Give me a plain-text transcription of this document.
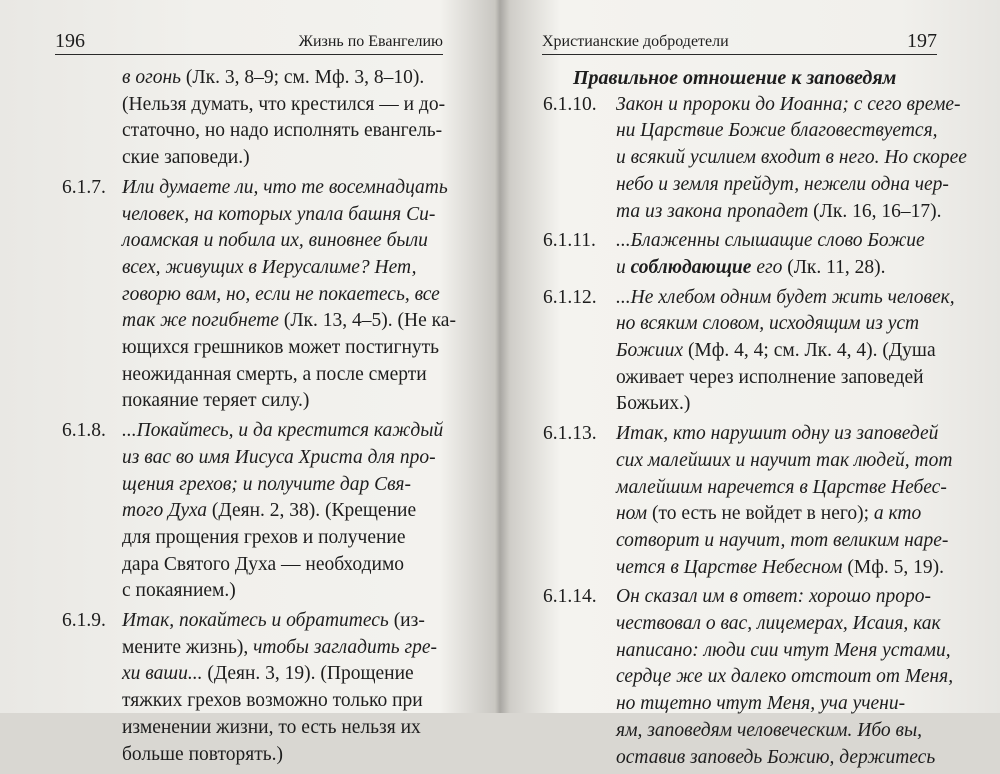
196	Жизнь по Евангелию
в огонь (Лк. 3, 8–9; см. Мф. 3, 8–10).
(Нельзя думать, что крестился — и до-
статочно, но надо исполнять евангель-
ские заповеди.)
6.1.7. Или думаете ли, что те восемнадцать
человек, на которых упала башня Си-
лоамская и побила их, виновнее были
всех, живущих в Иерусалиме? Нет,
говорю вам, но, если не покаетесь, все
так же погибнете (Лк. 13, 4–5). (Не ка-
ющихся грешников может постигнуть
неожиданная смерть, а после смерти
покаяние теряет силу.)
6.1.8. ...Покайтесь, и да крестится каждый
из вас во имя Иисуса Христа для про-
щения грехов; и получите дар Свя-
того Духа (Деян. 2, 38). (Крещение
для прощения грехов и получение
дара Святого Духа — необходимо
с покаянием.)
6.1.9. Итак, покайтесь и обратитесь (из-
мените жизнь), чтобы загладить гре-
хи ваши... (Деян. 3, 19). (Прощение
тяжких грехов возможно только при
изменении жизни, то есть нельзя их
больше повторять.)
Христианские добродетели	197
Правильное отношение к заповедям
6.1.10. Закон и пророки до Иоанна; с сего време-
ни Царствие Божие благовествуется,
и всякий усилием входит в него. Но скорее
небо и земля прейдут, нежели одна чер-
та из закона пропадет (Лк. 16, 16–17).
6.1.11.	...Блаженны слышащие слово Божие
и соблюдающие его (Лк. 11, 28).
6.1.12. ...Не хлебом одним будет жить человек,
но всяким словом, исходящим из уст
Божиих (Мф. 4, 4; см. Лк. 4, 4). (Душа
оживает через исполнение заповедей
Божьих.)
6.1.13. Итак, кто нарушит одну из заповедей
сих малейших и научит так людей, тот
малейшим наречется в Царстве Небес-
ном (то есть не войдет в него); а кто
сотворит и научит, тот великим наре-
чется в Царстве Небесном (Мф. 5, 19).
6.1.14. Он сказал им в ответ: хорошо проро-
чествовал о вас, лицемерах, Исаия, как
написано: люди сии чтут Меня устами,
сердце же их далеко отстоит от Меня,
но тщетно чтут Меня, уча учени-
ям, заповедям человеческим. Ибо вы,
оставив заповедь Божию, держитесь
